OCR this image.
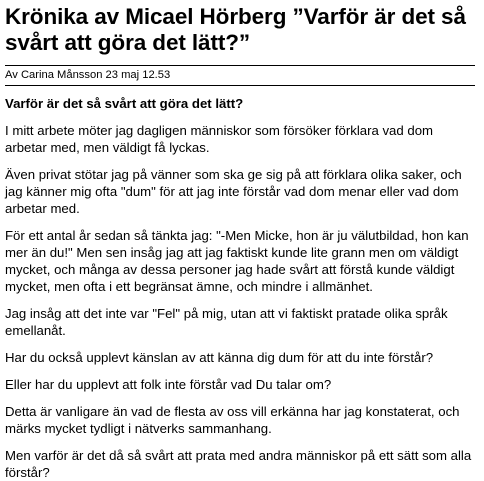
Krönika av Micael Hörberg ”Varför är det så svårt att göra det lätt?”
Av Carina Månsson 23 maj 12.53

Varför är det så svårt att göra det lätt?

I mitt arbete möter jag dagligen människor som försöker förklara vad dom arbetar med, men väldigt få lyckas.

Även privat stötar jag på vänner som ska ge sig på att förklara olika saker, och jag känner mig ofta "dum" för att jag inte förstår vad dom menar eller vad dom arbetar med.

För ett antal år sedan så tänkta jag: "-Men Micke, hon är ju välutbildad, hon kan mer än du!" Men sen insåg jag att jag faktiskt kunde lite grann men om väldigt mycket, och många av dessa personer jag hade svårt att förstå kunde väldigt mycket, men ofta i ett begränsat ämne, och mindre i allmänhet.

Jag insåg att det inte var "Fel" på mig, utan att vi faktiskt pratade olika språk emellanåt.

Har du också upplevt känslan av att känna dig dum för att du inte förstår?

Eller har du upplevt att folk inte förstår vad Du talar om?

Detta är vanligare än vad de flesta av oss vill erkänna har jag konstaterat, och märks mycket tydligt i nätverks sammanhang.

Men varför är det då så svårt att prata med andra människor på ett sätt som alla förstår?
